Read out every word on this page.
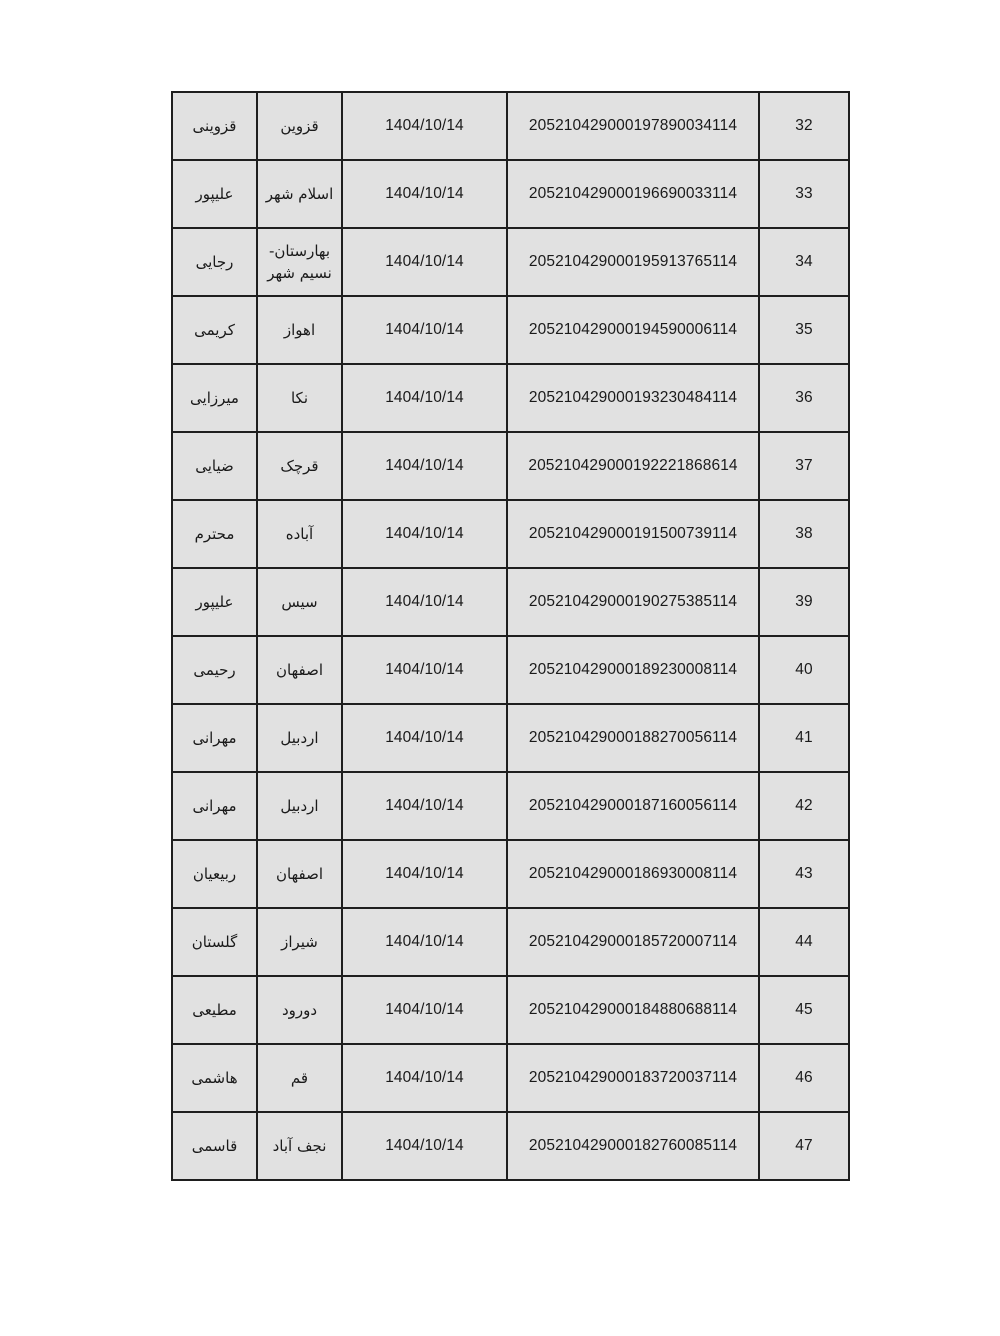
قزوینی	قزوین	1404/10/14	205210429000197890034114	32
علیپور	اسلام شهر	1404/10/14	205210429000196690033114	33
رجایی	بهارستان- نسیم شهر	1404/10/14	205210429000195913765114	34
کریمی	اهواز	1404/10/14	205210429000194590006114	35
میرزایی	نکا	1404/10/14	205210429000193230484114	36
ضیایی	قرچک	1404/10/14	205210429000192221868614	37
محترم	آباده	1404/10/14	205210429000191500739114	38
علیپور	سیس	1404/10/14	205210429000190275385114	39
رحیمی	اصفهان	1404/10/14	205210429000189230008114	40
مهرانی	اردبیل	1404/10/14	205210429000188270056114	41
مهرانی	اردبیل	1404/10/14	205210429000187160056114	42
ربیعیان	اصفهان	1404/10/14	205210429000186930008114	43
گلستان	شیراز	1404/10/14	205210429000185720007114	44
مطیعی	دورود	1404/10/14	205210429000184880688114	45
هاشمی	قم	1404/10/14	205210429000183720037114	46
قاسمی	نجف آباد	1404/10/14	205210429000182760085114	47
